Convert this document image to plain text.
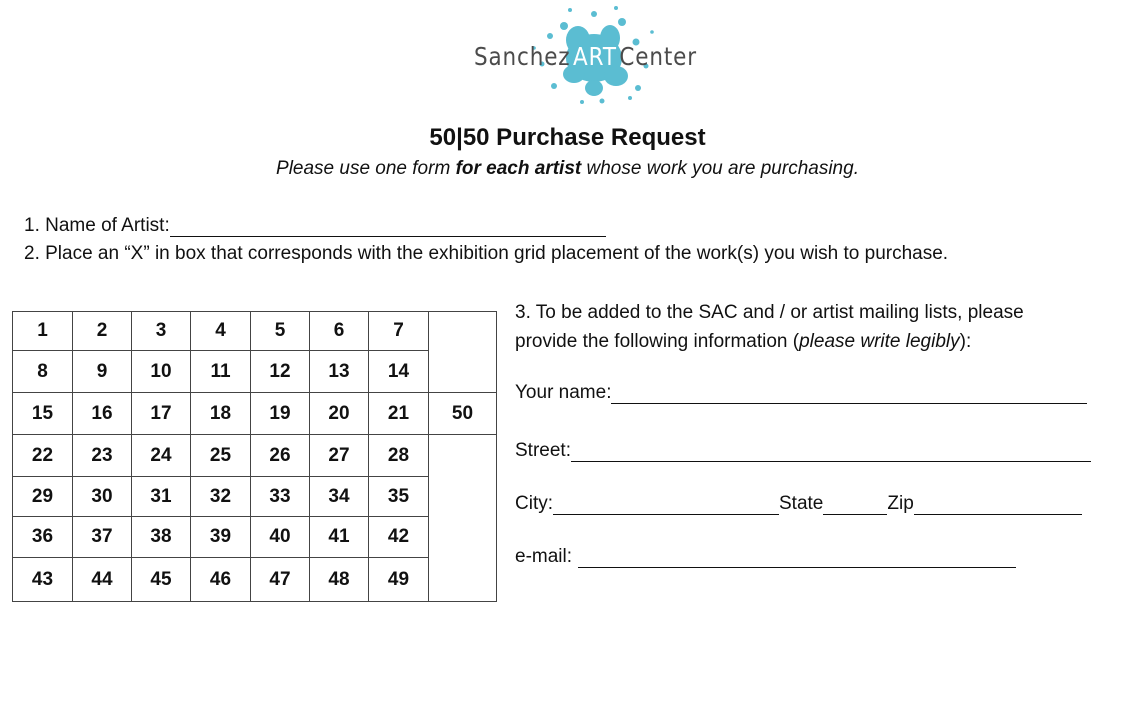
Sanchez ART Center
50|50 Purchase Request
Please use one form for each artist whose work you are purchasing.
1. Name of Artist:
2. Place an “X” in box that corresponds with the exhibition grid placement of the work(s) you wish to purchase.
1	2	3	4	5	6	7	
8	9	10	11	12	13	14	
15	16	17	18	19	20	21	50
22	23	24	25	26	27	28	
29	30	31	32	33	34	35	
36	37	38	39	40	41	42	
43	44	45	46	47	48	49	
3. To be added to the SAC and / or artist mailing lists, please
provide the following information (please write legibly):
Your name:
Street:
City:	State	Zip
e-mail:
